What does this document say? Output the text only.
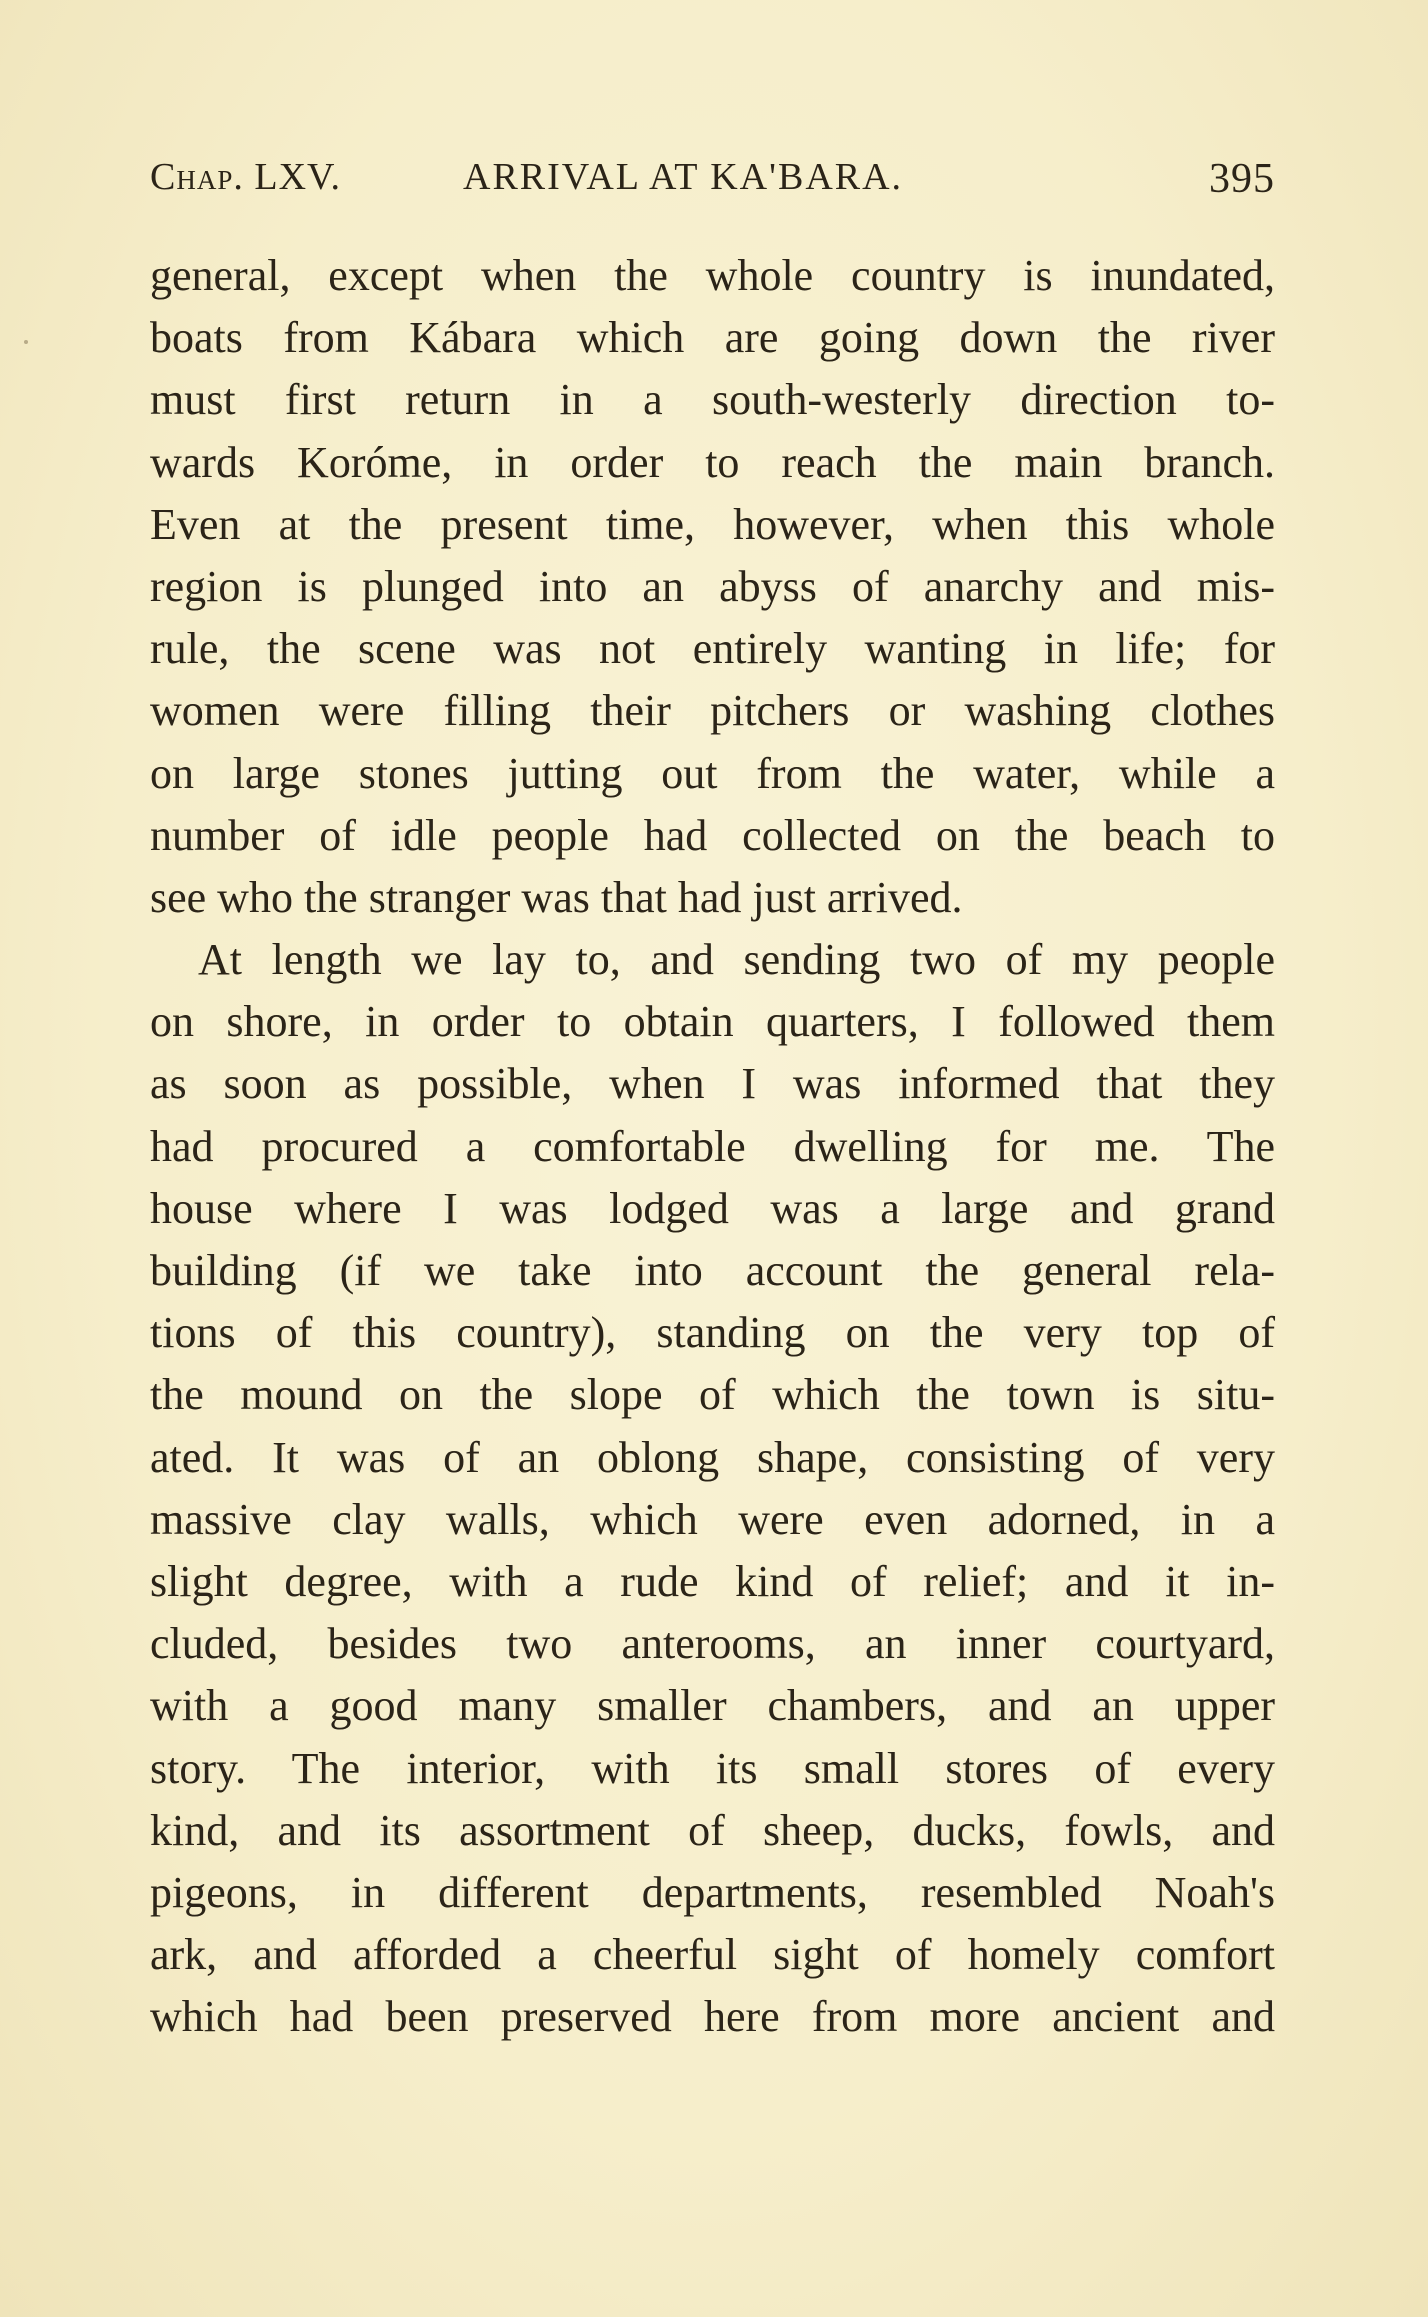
Chap. LXV.	ARRIVAL AT KA'BARA.	395
general, except when the whole country is inundated,
boats from Kábara which are going down the river
must first return in a south-westerly direction to-
wards Koróme, in order to reach the main branch.
Even at the present time, however, when this whole
region is plunged into an abyss of anarchy and mis-
rule, the scene was not entirely wanting in life; for
women were filling their pitchers or washing clothes
on large stones jutting out from the water, while a
number of idle people had collected on the beach to
see who the stranger was that had just arrived.
At length we lay to, and sending two of my people
on shore, in order to obtain quarters, I followed them
as soon as possible, when I was informed that they
had procured a comfortable dwelling for me. The
house where I was lodged was a large and grand
building (if we take into account the general rela-
tions of this country), standing on the very top of
the mound on the slope of which the town is situ-
ated. It was of an oblong shape, consisting of very
massive clay walls, which were even adorned, in a
slight degree, with a rude kind of relief; and it in-
cluded, besides two anterooms, an inner courtyard,
with a good many smaller chambers, and an upper
story. The interior, with its small stores of every
kind, and its assortment of sheep, ducks, fowls, and
pigeons, in different departments, resembled Noah's
ark, and afforded a cheerful sight of homely comfort
which had been preserved here from more ancient and
